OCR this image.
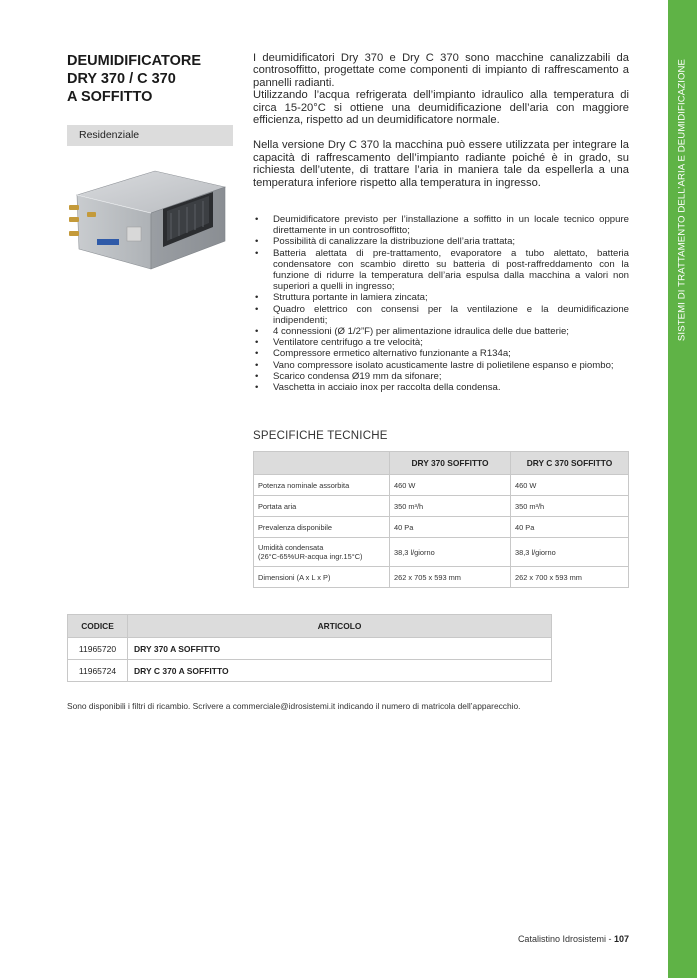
DEUMIDIFICATORE
DRY 370 / C 370
A SOFFITTO
Residenziale

I deumidificatori Dry 370 e Dry C 370 sono macchine canalizzabili da controsoffitto, progettate come componenti di impianto di raffrescamento a pannelli radianti.

Utilizzando l’acqua refrigerata dell’impianto idraulico alla temperatura di circa 15-20°C si ottiene una deumidificazione dell’aria con maggiore efficienza, rispetto ad un deumidificatore normale.

Nella versione Dry C 370 la macchina può essere utilizzata per integrare la capacità di raffrescamento dell’impianto radiante poiché è in grado, su richiesta dell’utente, di trattare l’aria in maniera tale da espellerla a una temperatura inferiore rispetto alla temperatura in ingresso.

• Deumidificatore previsto per l’installazione a soffitto in un locale tecnico oppure direttamente in un controsoffitto;
• Possibilità di canalizzare la distribuzione dell’aria trattata;
• Batteria alettata di pre-trattamento, evaporatore a tubo alettato, batteria condensatore con scambio diretto su batteria di post-raffreddamento con la funzione di ridurre la temperatura dell’aria espulsa dalla macchina a valori non superiori a quelli in ingresso;
• Struttura portante in lamiera zincata;
• Quadro elettrico con consensi per la ventilazione e la deumidificazione indipendenti;
• 4 connessioni (Ø 1/2”F) per alimentazione idraulica delle due batterie;
• Ventilatore centrifugo a tre velocità;
• Compressore ermetico alternativo funzionante a R134a;
• Vano compressore isolato acusticamente lastre di polietilene espanso e piombo;
• Scarico condensa Ø19 mm da sifonare;
• Vaschetta in acciaio inox per raccolta della condensa.
SPECIFICHE TECNICHE
	DRY 370 SOFFITTO	DRY C 370 SOFFITTO
Potenza nominale assorbita	460 W	460 W
Portata aria	350 m³/h	350 m³/h
Prevalenza disponibile	40 Pa	40 Pa
Umidità condensata
(26°C-65%UR-acqua ingr.15°C)	38,3 l/giorno	38,3 l/giorno
Dimensioni (A x L x P)	262 x 705 x 593 mm	262 x 700 x 593 mm
CODICE	ARTICOLO
11965720	DRY 370 A SOFFITTO
11965724	DRY C 370 A SOFFITTO
Sono disponibili i filtri di ricambio. Scrivere a commerciale@idrosistemi.it indicando il numero di matricola dell’apparecchio.
Catalistino Idrosistemi - 107
SISTEMI DI TRATTAMENTO DELL’ARIA E DEUMIDIFICAZIONE
